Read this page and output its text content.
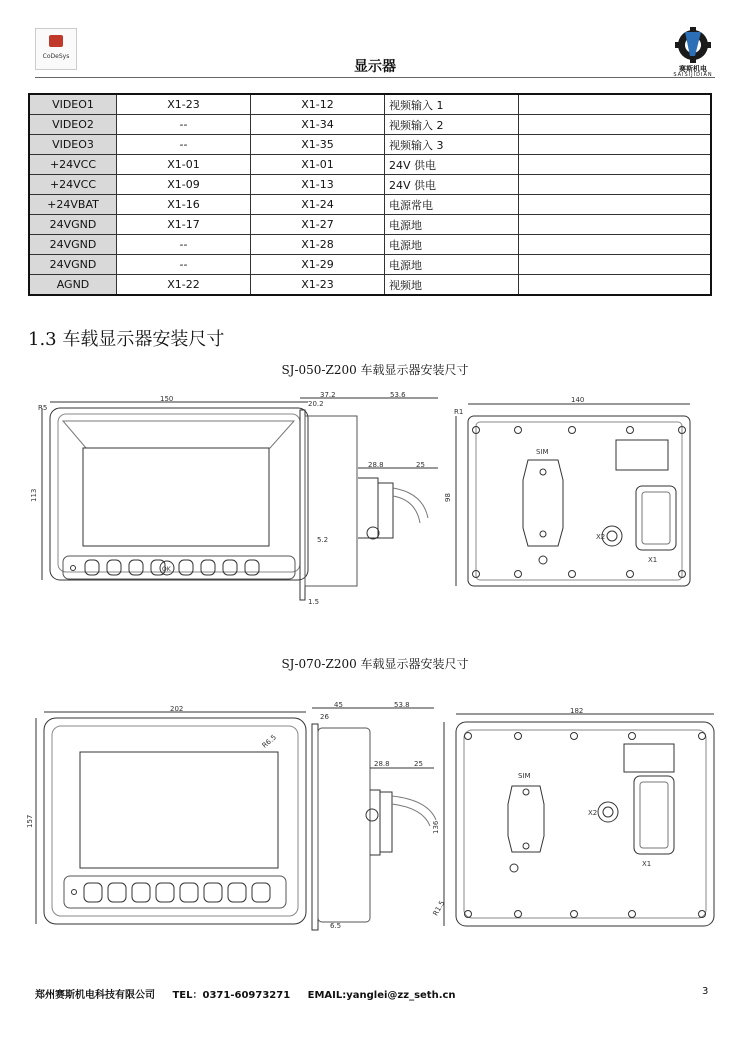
CoDeSys
显示器	赛斯机电
SAISIJIDIAN
VIDEO1	X1-23	X1-12	视频输入 1	
VIDEO2	--	X1-34	视频输入 2	
VIDEO3	--	X1-35	视频输入 3	
+24VCC	X1-01	X1-01	24V 供电	
+24VCC	X1-09	X1-13	24V 供电	
+24VBAT	X1-16	X1-24	电源常电	
24VGND	X1-17	X1-27	电源地	
24VGND	--	X1-28	电源地	
24VGND	--	X1-29	电源地	
AGND	X1-22	X1-23	视频地	
1.3 车载显示器安装尺寸
SJ-050-Z200 车载显示器安装尺寸
OK
150
113
R5
37.2
20.2
53.6
28.8	25
5.2
1.5
140
98
R1
SIM
X1
X2
SJ-070-Z200 车载显示器安装尺寸
202
157
R6.5
45
26
53.8
28.8	25
6.5
182
136
R1.5
SIM
X1
X2
郑州赛斯机电科技有限公司 TEL：0371-60973271 EMAIL:yanglei@zz_seth.cn	3
